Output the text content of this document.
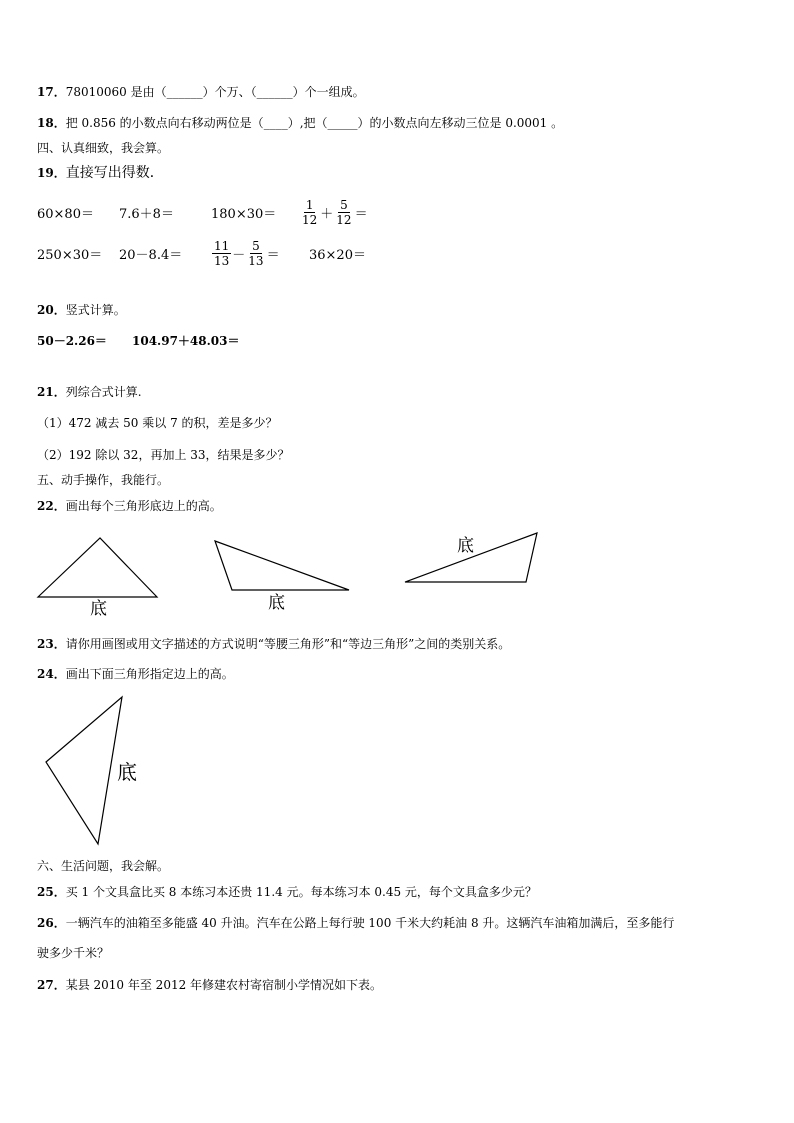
17．78010060 是由（______）个万、（______）个一组成。
18．把 0.856 的小数点向右移动两位是（____）,把（_____）的小数点向左移动三位是 0.0001 。
四、认真细致，我会算。
19．直接写出得数．
60×80＝ 7.6＋8＝	$180\times 30= \frac{1}{12} + \frac{5}{12}$ ＝
$250\times 30= 20-8.4= \frac{11}{13} - \frac{5}{13} = 36\times 20=$
20．竖式计算。
50－2.26＝ 104.97＋48.03＝
21．列综合式计算.
（1）472 减去 50 乘以 7 的积，差是多少？
（2）192 除以 32，再加上 33，结果是多少？
五、动手操作，我能行。
22．画出每个三角形底边上的高。
23．请你用画图或用文字描述的方式说明“等腰三角形”和“等边三角形”之间的类别关系。
24．画出下面三角形指定边上的高。
六、生活问题，我会解。
25．买 1 个文具盒比买 8 本练习本还贵 11.4 元。每本练习本 0.45 元，每个文具盒多少元？
26．一辆汽车的油箱至多能盛 40 升油。汽车在公路上每行驶 100 千米大约耗油 8 升。这辆汽车油箱加满后，至多能行
驶多少千米？
27．某县 2010 年至 2012 年修建农村寄宿制小学情况如下表。
底	底
底
底
